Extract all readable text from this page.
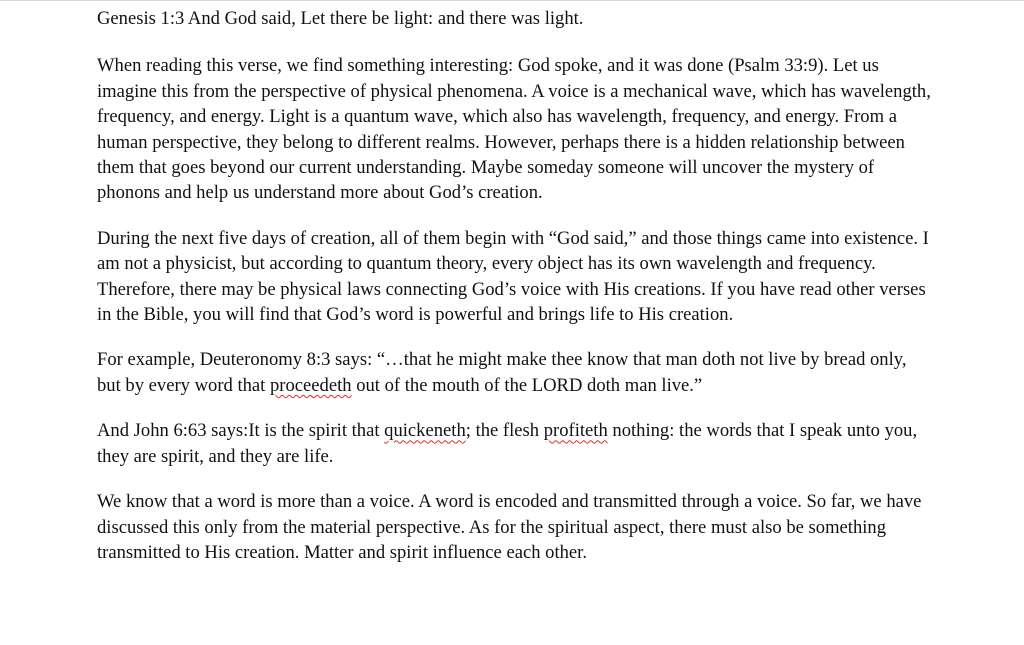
Genesis 1:3 And God said, Let there be light: and there was light.

When reading this verse, we find something interesting: God spoke, and it was done (Psalm 33:9). Let us imagine this from the perspective of physical phenomena. A voice is a mechanical wave, which has wavelength, frequency, and energy. Light is a quantum wave, which also has wavelength, frequency, and energy. From a human perspective, they belong to different realms. However, perhaps there is a hidden relationship between them that goes beyond our current understanding. Maybe someday someone will uncover the mystery of phonons and help us understand more about God’s creation.

During the next five days of creation, all of them begin with “God said,” and those things came into existence. I am not a physicist, but according to quantum theory, every object has its own wavelength and frequency. Therefore, there may be physical laws connecting God’s voice with His creations. If you have read other verses in the Bible, you will find that God’s word is powerful and brings life to His creation.

For example, Deuteronomy 8:3 says: “…that he might make thee know that man doth not live by bread only, but by every word that proceedeth out of the mouth of the LORD doth man live.”

And John 6:63 says:It is the spirit that quickeneth; the flesh profiteth nothing: the words that I speak unto you, they are spirit, and they are life.

We know that a word is more than a voice. A word is encoded and transmitted through a voice. So far, we have discussed this only from the material perspective. As for the spiritual aspect, there must also be something transmitted to His creation. Matter and spirit influence each other.
